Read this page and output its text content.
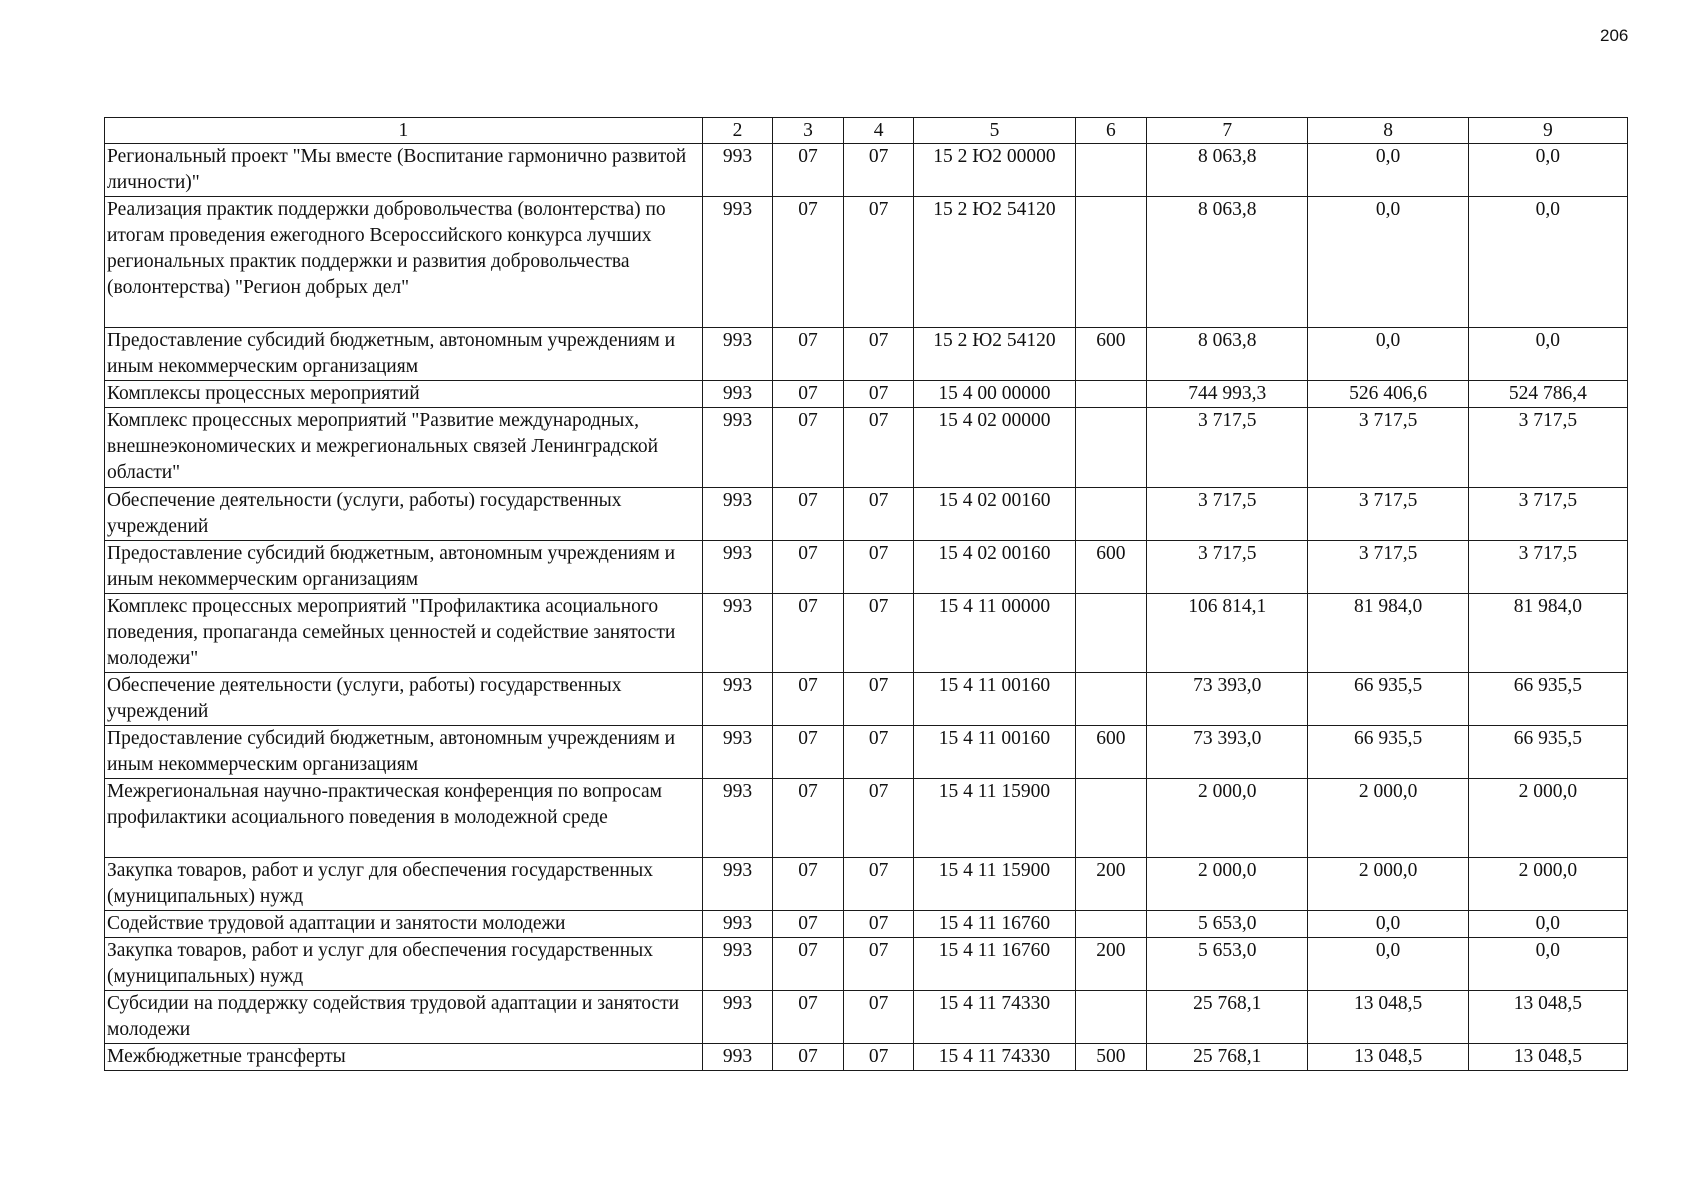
206
1	2	3	4	5	6	7	8	9
Региональный проект "Мы вместе (Воспитание гармонично развитой личности)"	993	07	07	15 2 Ю2 00000		8 063,8	0,0	0,0
Реализация практик поддержки добровольчества (волонтерства) по итогам проведения ежегодного Всероссийского конкурса лучших региональных практик поддержки и развития добровольчества (волонтерства) "Регион добрых дел"	993	07	07	15 2 Ю2 54120		8 063,8	0,0	0,0
Предоставление субсидий бюджетным, автономным учреждениям и иным некоммерческим организациям	993	07	07	15 2 Ю2 54120	600	8 063,8	0,0	0,0
Комплексы процессных мероприятий	993	07	07	15 4 00 00000		744 993,3	526 406,6	524 786,4
Комплекс процессных мероприятий "Развитие международных, внешнеэкономических и межрегиональных связей Ленинградской области"	993	07	07	15 4 02 00000		3 717,5	3 717,5	3 717,5
Обеспечение деятельности (услуги, работы) государственных учреждений	993	07	07	15 4 02 00160		3 717,5	3 717,5	3 717,5
Предоставление субсидий бюджетным, автономным учреждениям и иным некоммерческим организациям	993	07	07	15 4 02 00160	600	3 717,5	3 717,5	3 717,5
Комплекс процессных мероприятий "Профилактика асоциального поведения, пропаганда семейных ценностей и содействие занятости молодежи"	993	07	07	15 4 11 00000		106 814,1	81 984,0	81 984,0
Обеспечение деятельности (услуги, работы) государственных учреждений	993	07	07	15 4 11 00160		73 393,0	66 935,5	66 935,5
Предоставление субсидий бюджетным, автономным учреждениям и иным некоммерческим организациям	993	07	07	15 4 11 00160	600	73 393,0	66 935,5	66 935,5
Межрегиональная научно-практическая конференция по вопросам профилактики асоциального поведения в молодежной среде	993	07	07	15 4 11 15900		2 000,0	2 000,0	2 000,0
Закупка товаров, работ и услуг для обеспечения государственных (муниципальных) нужд	993	07	07	15 4 11 15900	200	2 000,0	2 000,0	2 000,0
Содействие трудовой адаптации и занятости молодежи	993	07	07	15 4 11 16760		5 653,0	0,0	0,0
Закупка товаров, работ и услуг для обеспечения государственных (муниципальных) нужд	993	07	07	15 4 11 16760	200	5 653,0	0,0	0,0
Субсидии на поддержку содействия трудовой адаптации и занятости молодежи	993	07	07	15 4 11 74330		25 768,1	13 048,5	13 048,5
Межбюджетные трансферты	993	07	07	15 4 11 74330	500	25 768,1	13 048,5	13 048,5
